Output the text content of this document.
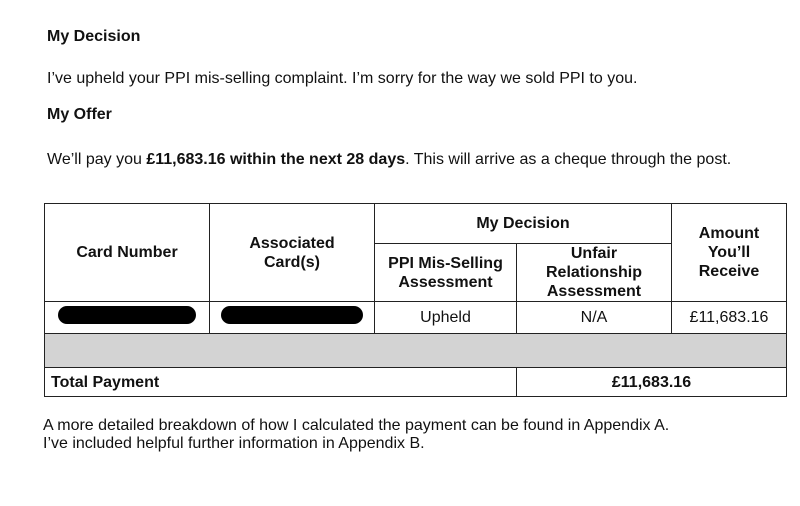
My Decision
I’ve upheld your PPI mis-selling complaint. I’m sorry for the way we sold PPI to you.
My Offer
We’ll pay you £11,683.16 within the next 28 days. This will arrive as a cheque through the post.
Card Number	Associated Card(s)	My Decision		Amount You’ll Receive

		PPI Mis-Selling Assessment	Unfair Relationship Assessment	

		Upheld	N/A	£11,683.16

Total Payment			£11,683.16	
A more detailed breakdown of how I calculated the payment can be found in Appendix A.
I’ve included helpful further information in Appendix B.
